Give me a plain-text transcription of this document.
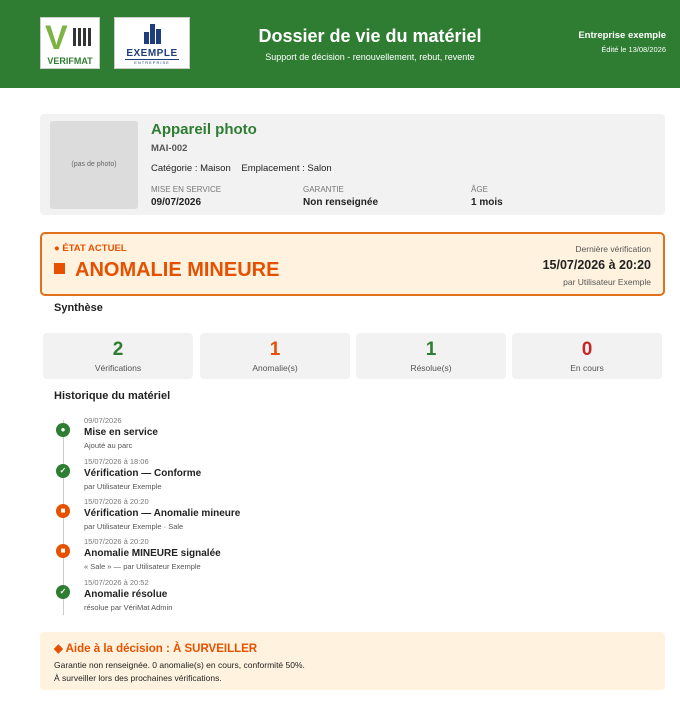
V
VERIFMAT
EXEMPLE
ENTREPRISE
Dossier de vie du matériel
Support de décision - renouvellement, rebut, revente
Entreprise exemple
Édité le 13/08/2026
(pas de photo)
Appareil photo
MAI-002
Catégorie : Maison Emplacement : Salon
MISE EN SERVICE
09/07/2026
GARANTIE
Non renseignée
ÂGE
1 mois
● ÉTAT ACTUEL
ANOMALIE MINEURE
Dernière vérification
15/07/2026 à 20:20
par Utilisateur Exemple
Synthèse
2
Vérifications
1
Anomalie(s)
1
Résolue(s)
0
En cours
Historique du matériel
●
09/07/2026
Mise en service
Ajouté au parc
✓
15/07/2026 à 18:06
Vérification — Conforme
par Utilisateur Exemple
■
15/07/2026 à 20:20
Vérification — Anomalie mineure
par Utilisateur Exemple · Sale
■
15/07/2026 à 20:20
Anomalie MINEURE signalée
« Sale » — par Utilisateur Exemple
✓
15/07/2026 à 20:52
Anomalie résolue
résolue par VériMat Admin
◆ Aide à la décision : À SURVEILLER
Garantie non renseignée. 0 anomalie(s) en cours, conformité 50%.
À surveiller lors des prochaines vérifications.
